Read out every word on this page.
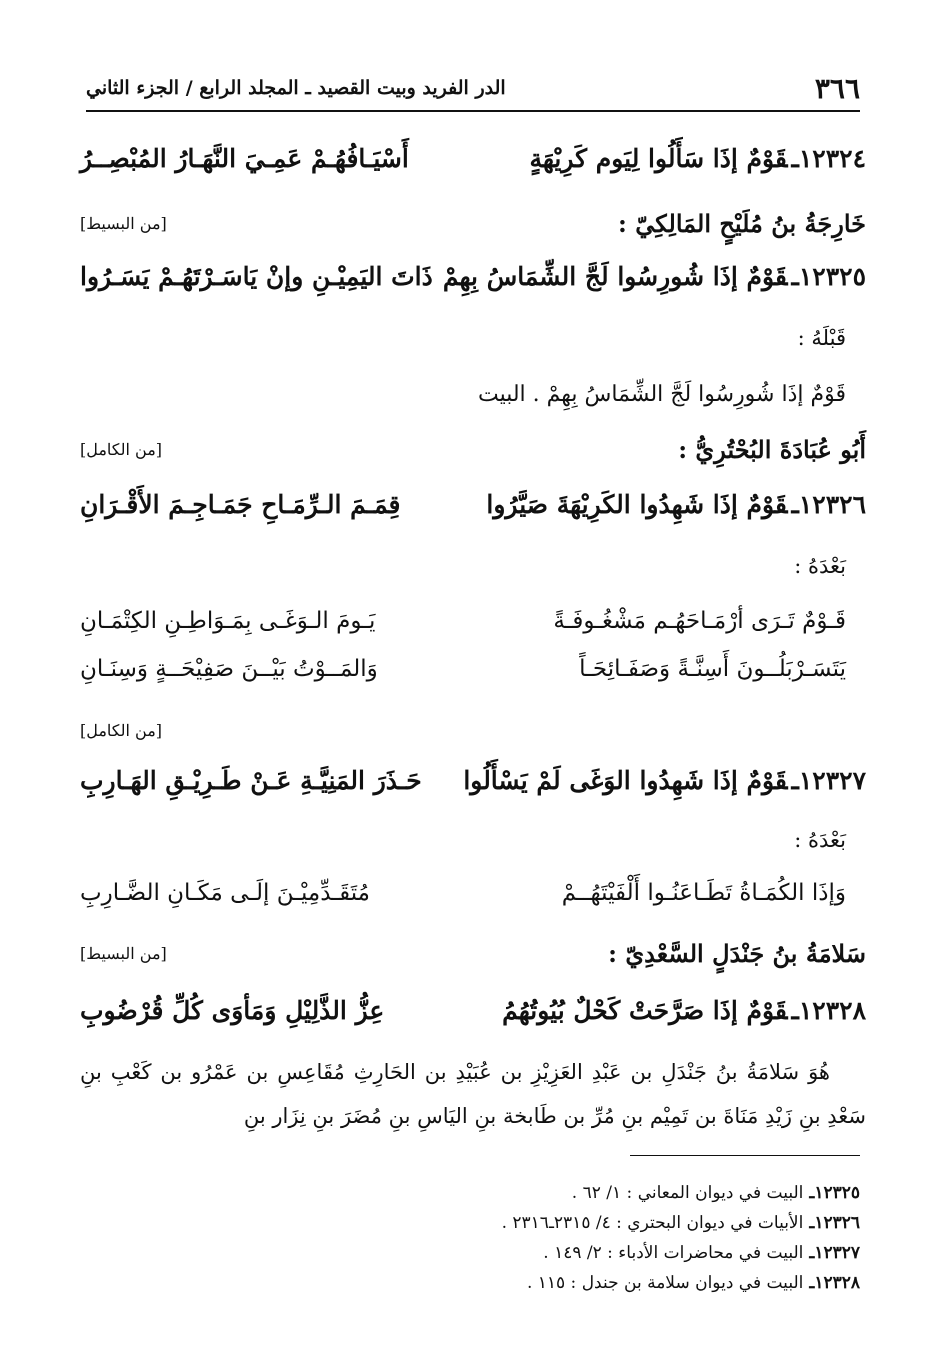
٣٦٦
الدر الفريد وبيت القصيد ـ المجلد الرابع / الجزء الثاني
١٢٣٢٤ـقَوْمٌ إذَا سَأَلُوا لِيَوم كَرِيْهَةٍ
أَسْيَـافُهُـمْ عَمِـيَ النَّهَـارُ المُبْصِــرُ
خَارِجَةُ بنُ مُلَيْحٍ المَالِكِيّ :
[من البسيط]
١٢٣٢٥ـقَوْمٌ إذَا شُورِسُوا لَجَّ الشِّمَاسُ بِهِمْ
ذَاتَ اليَمِيْـنِ وإنْ يَاسَـرْتَهُـمْ يَسَـرُوا
قَبْلَهُ :
قَوْمٌ إذَا شُورِسُوا لَجَّ الشِّمَاسُ بِهِمْ . البيت
أَبُو عُبَادَةَ البُحْتُرِيُّ :
[من الكامل]
١٢٣٢٦ـقَوْمٌ إذَا شَهِدُوا الكَرِيْهَةَ صَيَّرُوا
قِمَـمَ الـرِّمَـاحِ جَمَـاجِـمَ الأَقْـرَانِ
بَعْدَهُ :
قَـوْمٌ تَـرَى أرْمَـاحَهُـم مَشْغُـوفَـةً
يَـومَ الـوَغَـى بِمَـوَاطِـنِ الكِتْمَـانِ
يَتَسَـرْبَلُــونَ أَسِنَّـةً وَصَفَـائِحَـاً
وَالمَــوْتُ بَيْــنَ صَفِيْحَــةٍ وَسِنَـانِ
[من الكامل]
١٢٣٢٧ـقَوْمٌ إذَا شَهِدُوا الوَغَى لَمْ يَسْأَلُوا
حَـذَرَ المَنِيَّـةِ عَـنْ طَـرِيْـقِ الهَـارِبِ
بَعْدَهُ :
وَإذَا الكُمَـاةُ تَطَـاعَنُـوا أَلْفَيْتَهُــمْ
مُتَقَـدِّمِيْـنَ إلَـى مَكَـانِ الضَّـارِبِ
سَلامَةُ بنُ جَنْدَلٍ السَّعْدِيّ :
[من البسيط]
١٢٣٢٨ـقَوْمٌ إذَا صَرَّحَتْ كَحْلٌ بُيُوتُهُمُ
عِزُّ الذَّلِيْلِ وَمَأوَى كُلِّ قُرْضُوبِ
هُوَ سَلامَةُ بنُ جَنْدَلِ بن عَبْدِ العَزِيْزِ بن عُبَيْدِ بن الحَارِثِ مُقَاعِسِ بن عَمْرُو بن كَعْبِ بنِ سَعْدِ بنِ زَيْدِ مَنَاةَ بن تَمِيْم بنِ مُرِّ بن طَابخة بنِ اليَاسِ بنِ مُضَرَ بنِ نِزَار بنِ
١٢٣٢٥ـ
البيت في ديوان المعاني : ١/ ٦٢ .
١٢٣٢٦ـ
الأبيات في ديوان البحتري : ٤/ ٢٣١٥ـ٢٣١٦ .
١٢٣٢٧ـ
البيت في محاضرات الأدباء : ٢/ ١٤٩ .
١٢٣٢٨ـ
البيت في ديوان سلامة بن جندل : ١١٥ .
